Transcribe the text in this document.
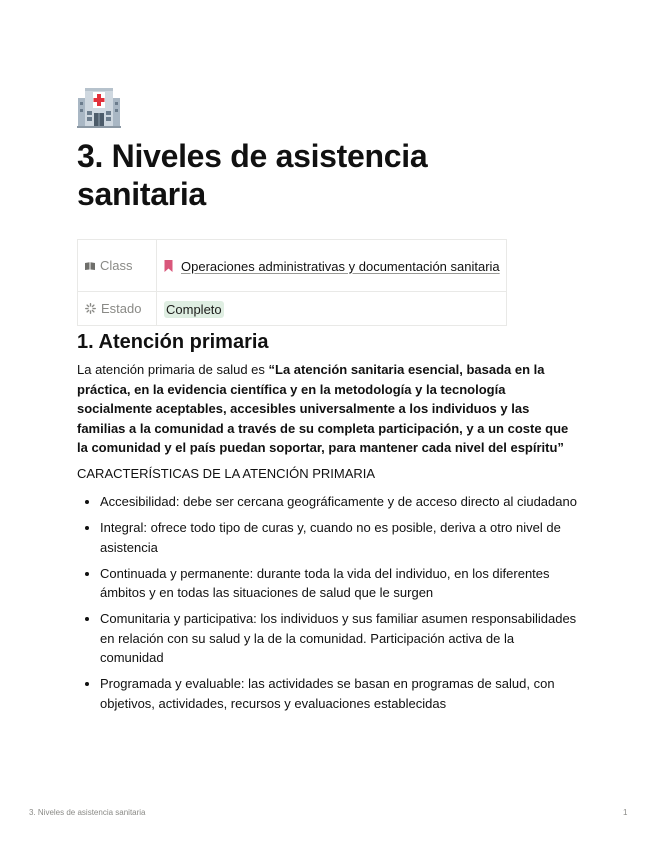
3. Niveles de asistencia sanitaria
Class	Operaciones administrativas y documentación sanitaria

Estado	Completo
1. Atención primaria

La atención primaria de salud es “La atención sanitaria esencial, basada en la práctica, en la evidencia científica y en la metodología y la tecnología socialmente aceptables, accesibles universalmente a los individuos y las familias a la comunidad a través de su completa participación, y a un coste que la comunidad y el país puedan soportar, para mantener cada nivel del espíritu”

CARACTERÍSTICAS DE LA ATENCIÓN PRIMARIA

• Accesibilidad: debe ser cercana geográficamente y de acceso directo al ciudadano
• Integral: ofrece todo tipo de curas y, cuando no es posible, deriva a otro nivel de asistencia
• Continuada y permanente: durante toda la vida del individuo, en los diferentes ámbitos y en todas las situaciones de salud que le surgen
• Comunitaria y participativa: los individuos y sus familiar asumen responsabilidades en relación con su salud y la de la comunidad. Participación activa de la comunidad
• Programada y evaluable: las actividades se basan en programas de salud, con objetivos, actividades, recursos y evaluaciones establecidas
3. Niveles de asistencia sanitaria	1
